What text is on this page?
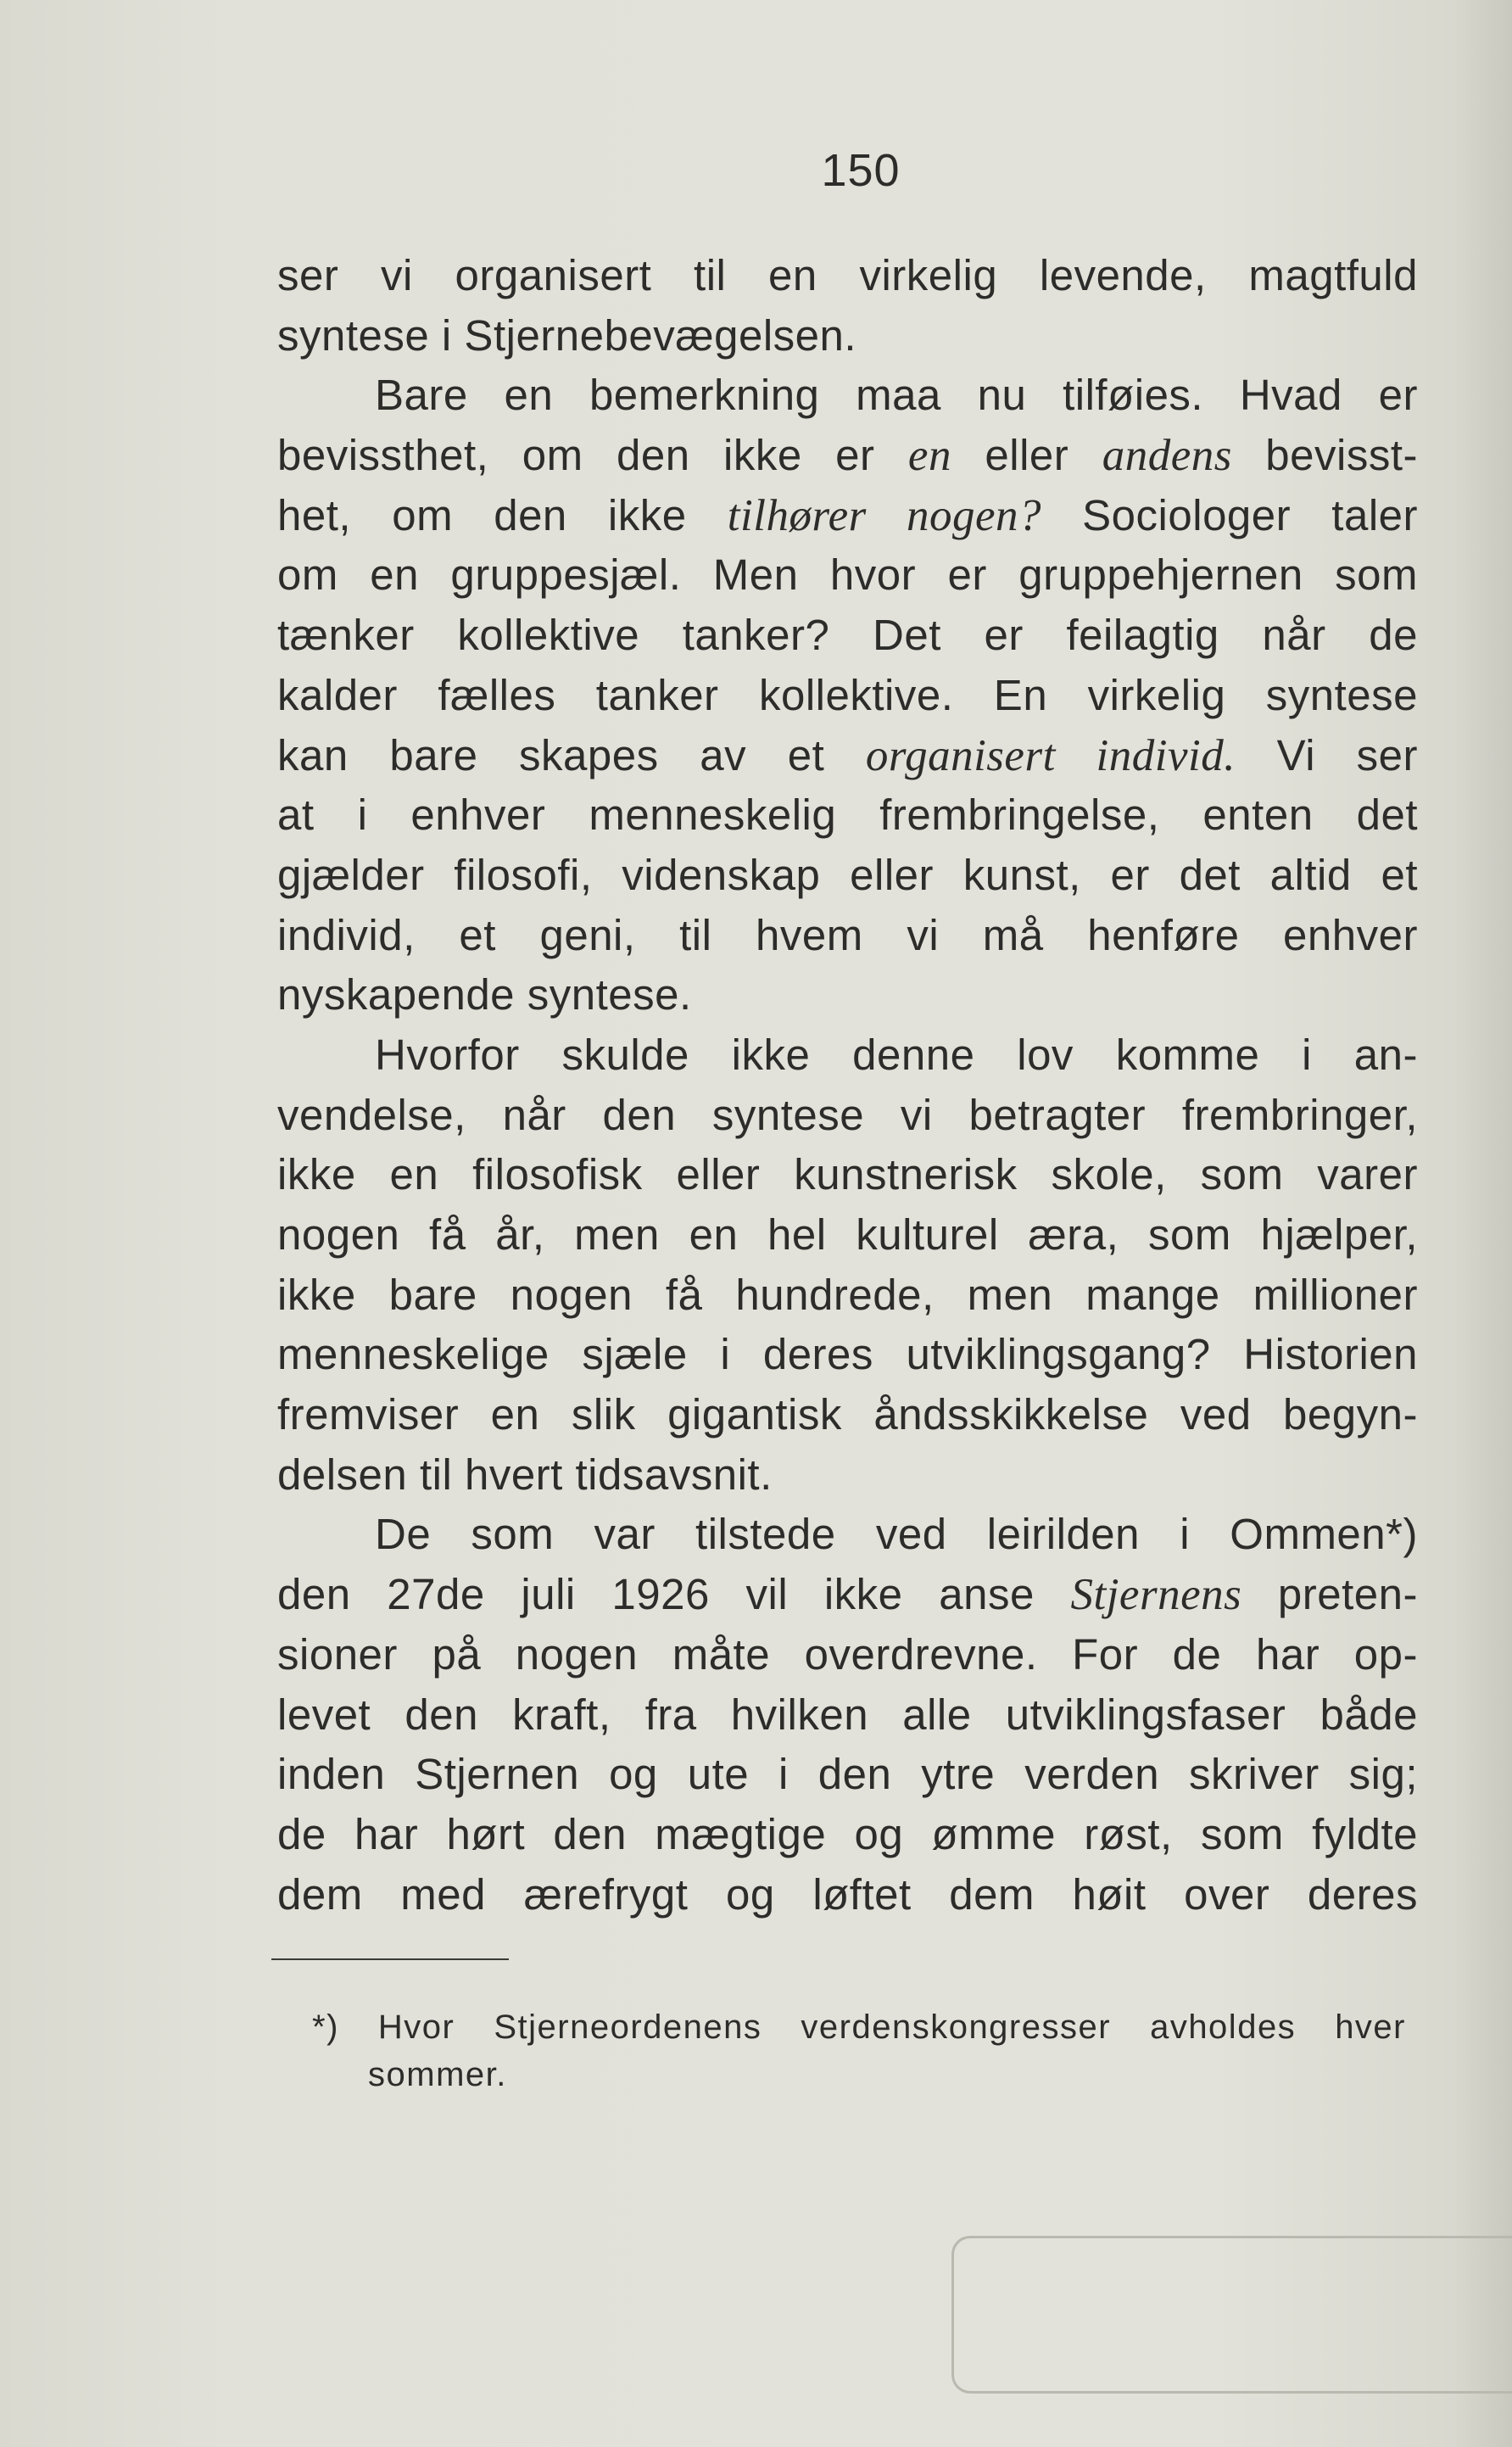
150
ser vi organisert til en virkelig levende, magtfuld
syntese i Stjernebevægelsen.
Bare en bemerkning maa nu tilføies. Hvad er
bevissthet, om den ikke er en eller andens bevisst-
het, om den ikke tilhører nogen? Sociologer taler
om en gruppesjæl. Men hvor er gruppehjernen som
tænker kollektive tanker? Det er feilagtig når de
kalder fælles tanker kollektive. En virkelig syntese
kan bare skapes av et organisert individ. Vi ser
at i enhver menneskelig frembringelse, enten det
gjælder filosofi, videnskap eller kunst, er det altid et
individ, et geni, til hvem vi må henføre enhver
nyskapende syntese.
Hvorfor skulde ikke denne lov komme i an-
vendelse, når den syntese vi betragter frembringer,
ikke en filosofisk eller kunstnerisk skole, som varer
nogen få år, men en hel kulturel æra, som hjælper,
ikke bare nogen få hundrede, men mange millioner
menneskelige sjæle i deres utviklingsgang? Historien
fremviser en slik gigantisk åndsskikkelse ved begyn-
delsen til hvert tidsavsnit.
De som var tilstede ved leirilden i Ommen*)
den 27de juli 1926 vil ikke anse Stjernens preten-
sioner på nogen måte overdrevne. For de har op-
levet den kraft, fra hvilken alle utviklingsfaser både
inden Stjernen og ute i den ytre verden skriver sig;
de har hørt den mægtige og ømme røst, som fyldte
dem med ærefrygt og løftet dem høit over deres
*) Hvor Stjerneordenens verdenskongresser avholdes hver
sommer.
